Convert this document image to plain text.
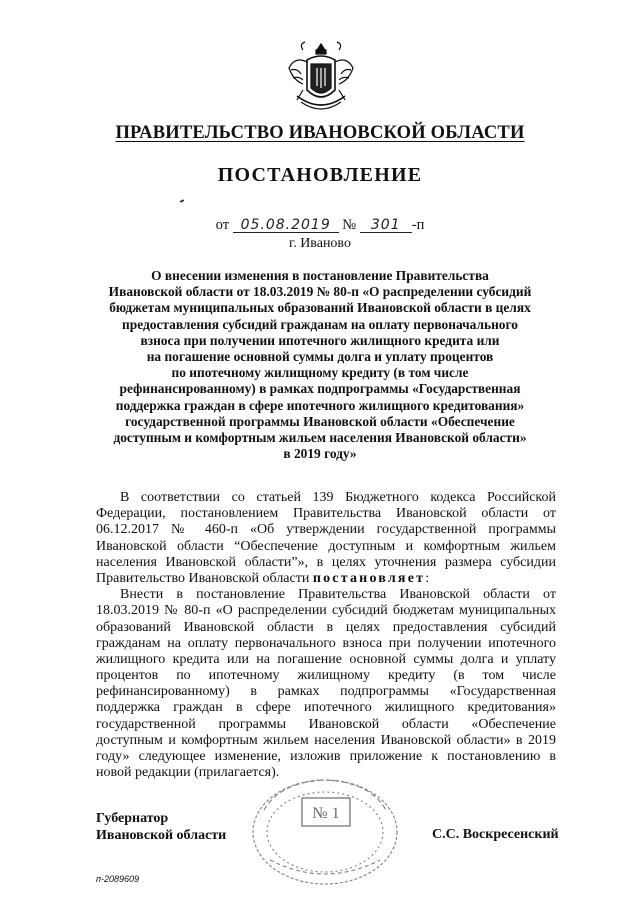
ПРАВИТЕЛЬСТВО ИВАНОВСКОЙ ОБЛАСТИ
ПОСТАНОВЛЕНИЕ
от 05.08.2019 № 301 -п
г. Иваново
О внесении изменения в постановление Правительства
Ивановской области от 18.03.2019 № 80-п «О распределении субсидий
бюджетам муниципальных образований Ивановской области в целях
предоставления субсидий гражданам на оплату первоначального
взноса при получении ипотечного жилищного кредита или
на погашение основной суммы долга и уплату процентов
по ипотечному жилищному кредиту (в том числе
рефинансированному) в рамках подпрограммы «Государственная
поддержка граждан в сфере ипотечного жилищного кредитования»
государственной программы Ивановской области «Обеспечение
доступным и комфортным жильем населения Ивановской области»
в 2019 году»
В соответствии со статьей 139 Бюджетного кодекса Российской
Федерации, постановлением Правительства Ивановской области от
06.12.2017 № 460-п «Об утверждении государственной программы
Ивановской области “Обеспечение доступным и комфортным жильем
населения Ивановской области”», в целях уточнения размера субсидии
Правительство Ивановской области постановляет:
Внести в постановление Правительства Ивановской области от
18.03.2019 № 80-п «О распределении субсидий бюджетам муниципальных
образований Ивановской области в целях предоставления субсидий
гражданам на оплату первоначального взноса при получении ипотечного
жилищного кредита или на погашение основной суммы долга и уплату
процентов по ипотечному жилищному кредиту (в том числе
рефинансированному) в рамках подпрограммы «Государственная
поддержка граждан в сфере ипотечного жилищного кредитования»
государственной программы Ивановской области «Обеспечение
доступным и комфортным жильем населения Ивановской области» в 2019
году» следующее изменение, изложив приложение к постановлению в
новой редакции (прилагается).
№ 1
Губернатор
Ивановской области	С.С. Воскресенский
п-2089609
